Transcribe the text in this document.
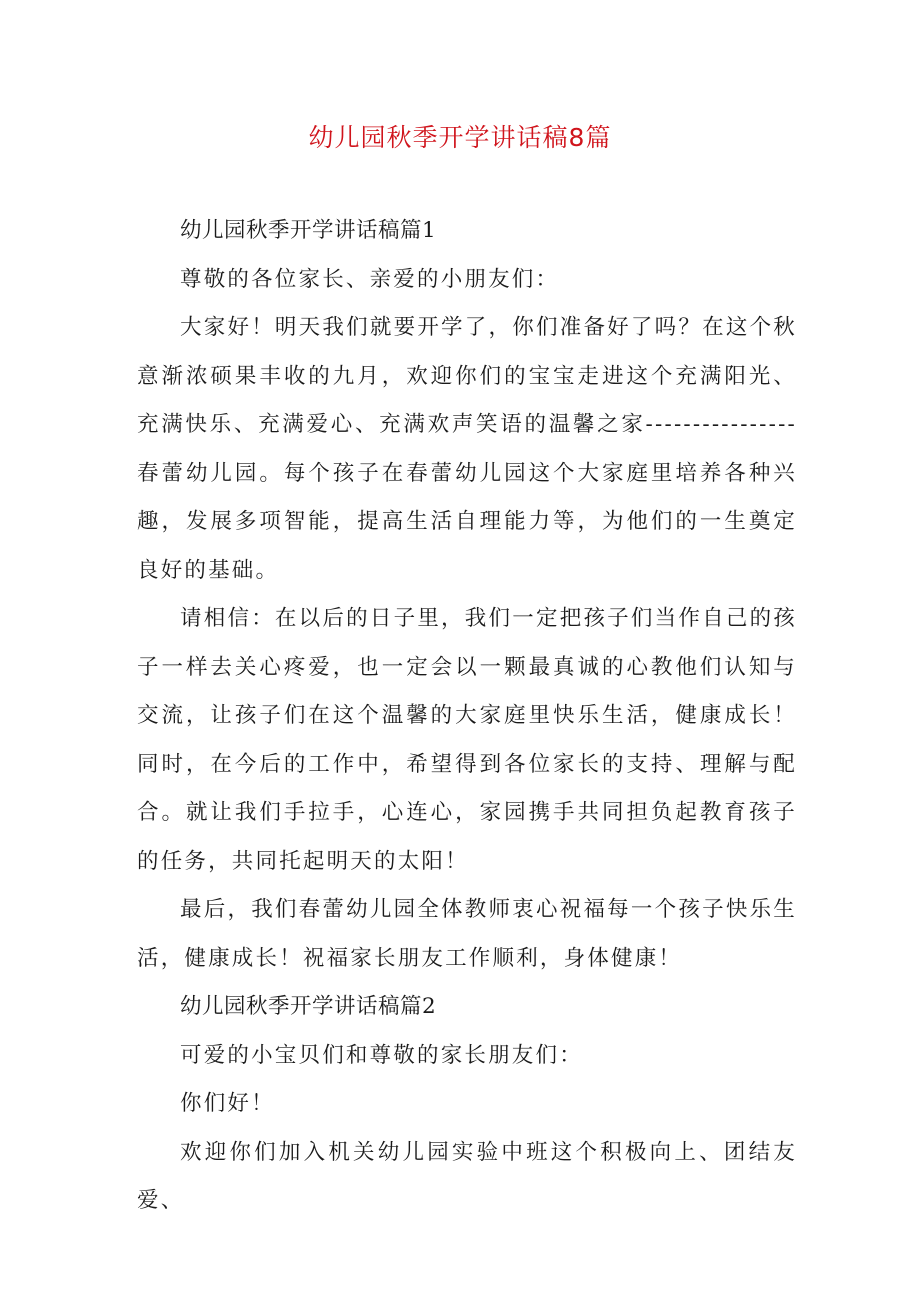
幼儿园秋季开学讲话稿8篇

幼儿园秋季开学讲话稿篇1

尊敬的各位家长、亲爱的小朋友们：

大家好！明天我们就要开学了，你们准备好了吗？在这个秋意渐浓硕果丰收的九月，欢迎你们的宝宝走进这个充满阳光、充满快乐、充满爱心、充满欢声笑语的温馨之家----------------春蕾幼儿园。每个孩子在春蕾幼儿园这个大家庭里培养各种兴趣，发展多项智能，提高生活自理能力等，为他们的一生奠定良好的基础。

请相信：在以后的日子里，我们一定把孩子们当作自己的孩子一样去关心疼爱，也一定会以一颗最真诚的心教他们认知与交流，让孩子们在这个温馨的大家庭里快乐生活，健康成长！同时，在今后的工作中，希望得到各位家长的支持、理解与配合。就让我们手拉手，心连心，家园携手共同担负起教育孩子的任务，共同托起明天的太阳！

最后，我们春蕾幼儿园全体教师衷心祝福每一个孩子快乐生活，健康成长！祝福家长朋友工作顺利，身体健康！

幼儿园秋季开学讲话稿篇2

可爱的小宝贝们和尊敬的家长朋友们：

你们好！

欢迎你们加入机关幼儿园实验中班这个积极向上、团结友爱、
